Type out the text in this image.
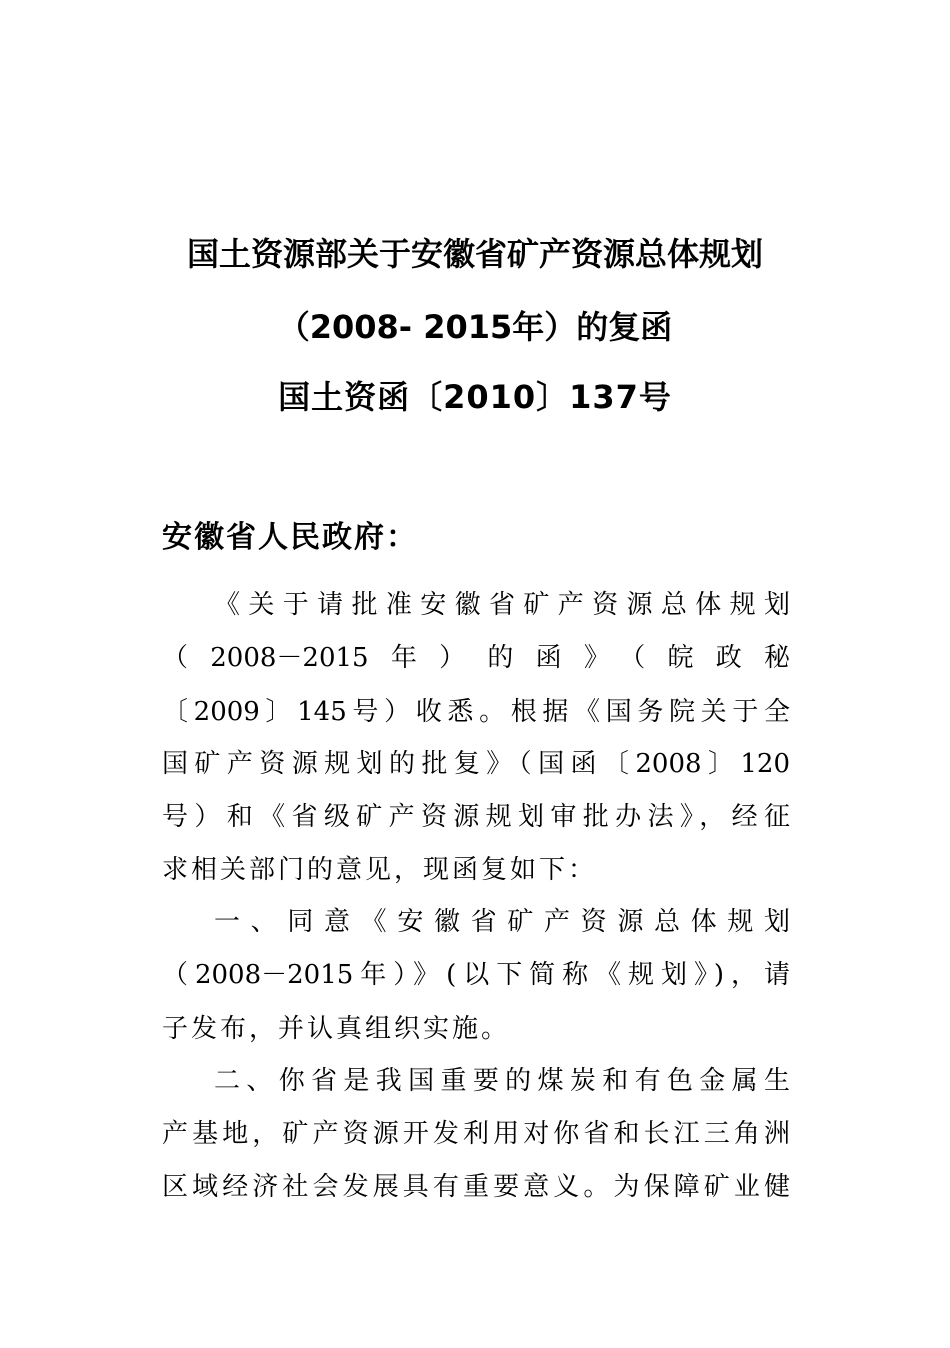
国土资源部关于安徽省矿产资源总体规划
（2008- 2015年）的复函
国土资函〔2010〕137号
安徽省人民政府：
《关于请批准安徽省矿产资源总体规划
（2008－2015年）的函》（皖政秘
〔2009〕145号）收悉。根据《国务院关于全
国矿产资源规划的批复》（国函〔2008〕120
号）和《省级矿产资源规划审批办法》，经征
求相关部门的意见，现函复如下：
一、同意《安徽省矿产资源总体规划
（2008－2015年）》(以下简称《规划》)，请
子发布，并认真组织实施。
二、你省是我国重要的煤炭和有色金属生
产基地，矿产资源开发利用对你省和长江三角洲
区域经济社会发展具有重要意义。为保障矿业健
